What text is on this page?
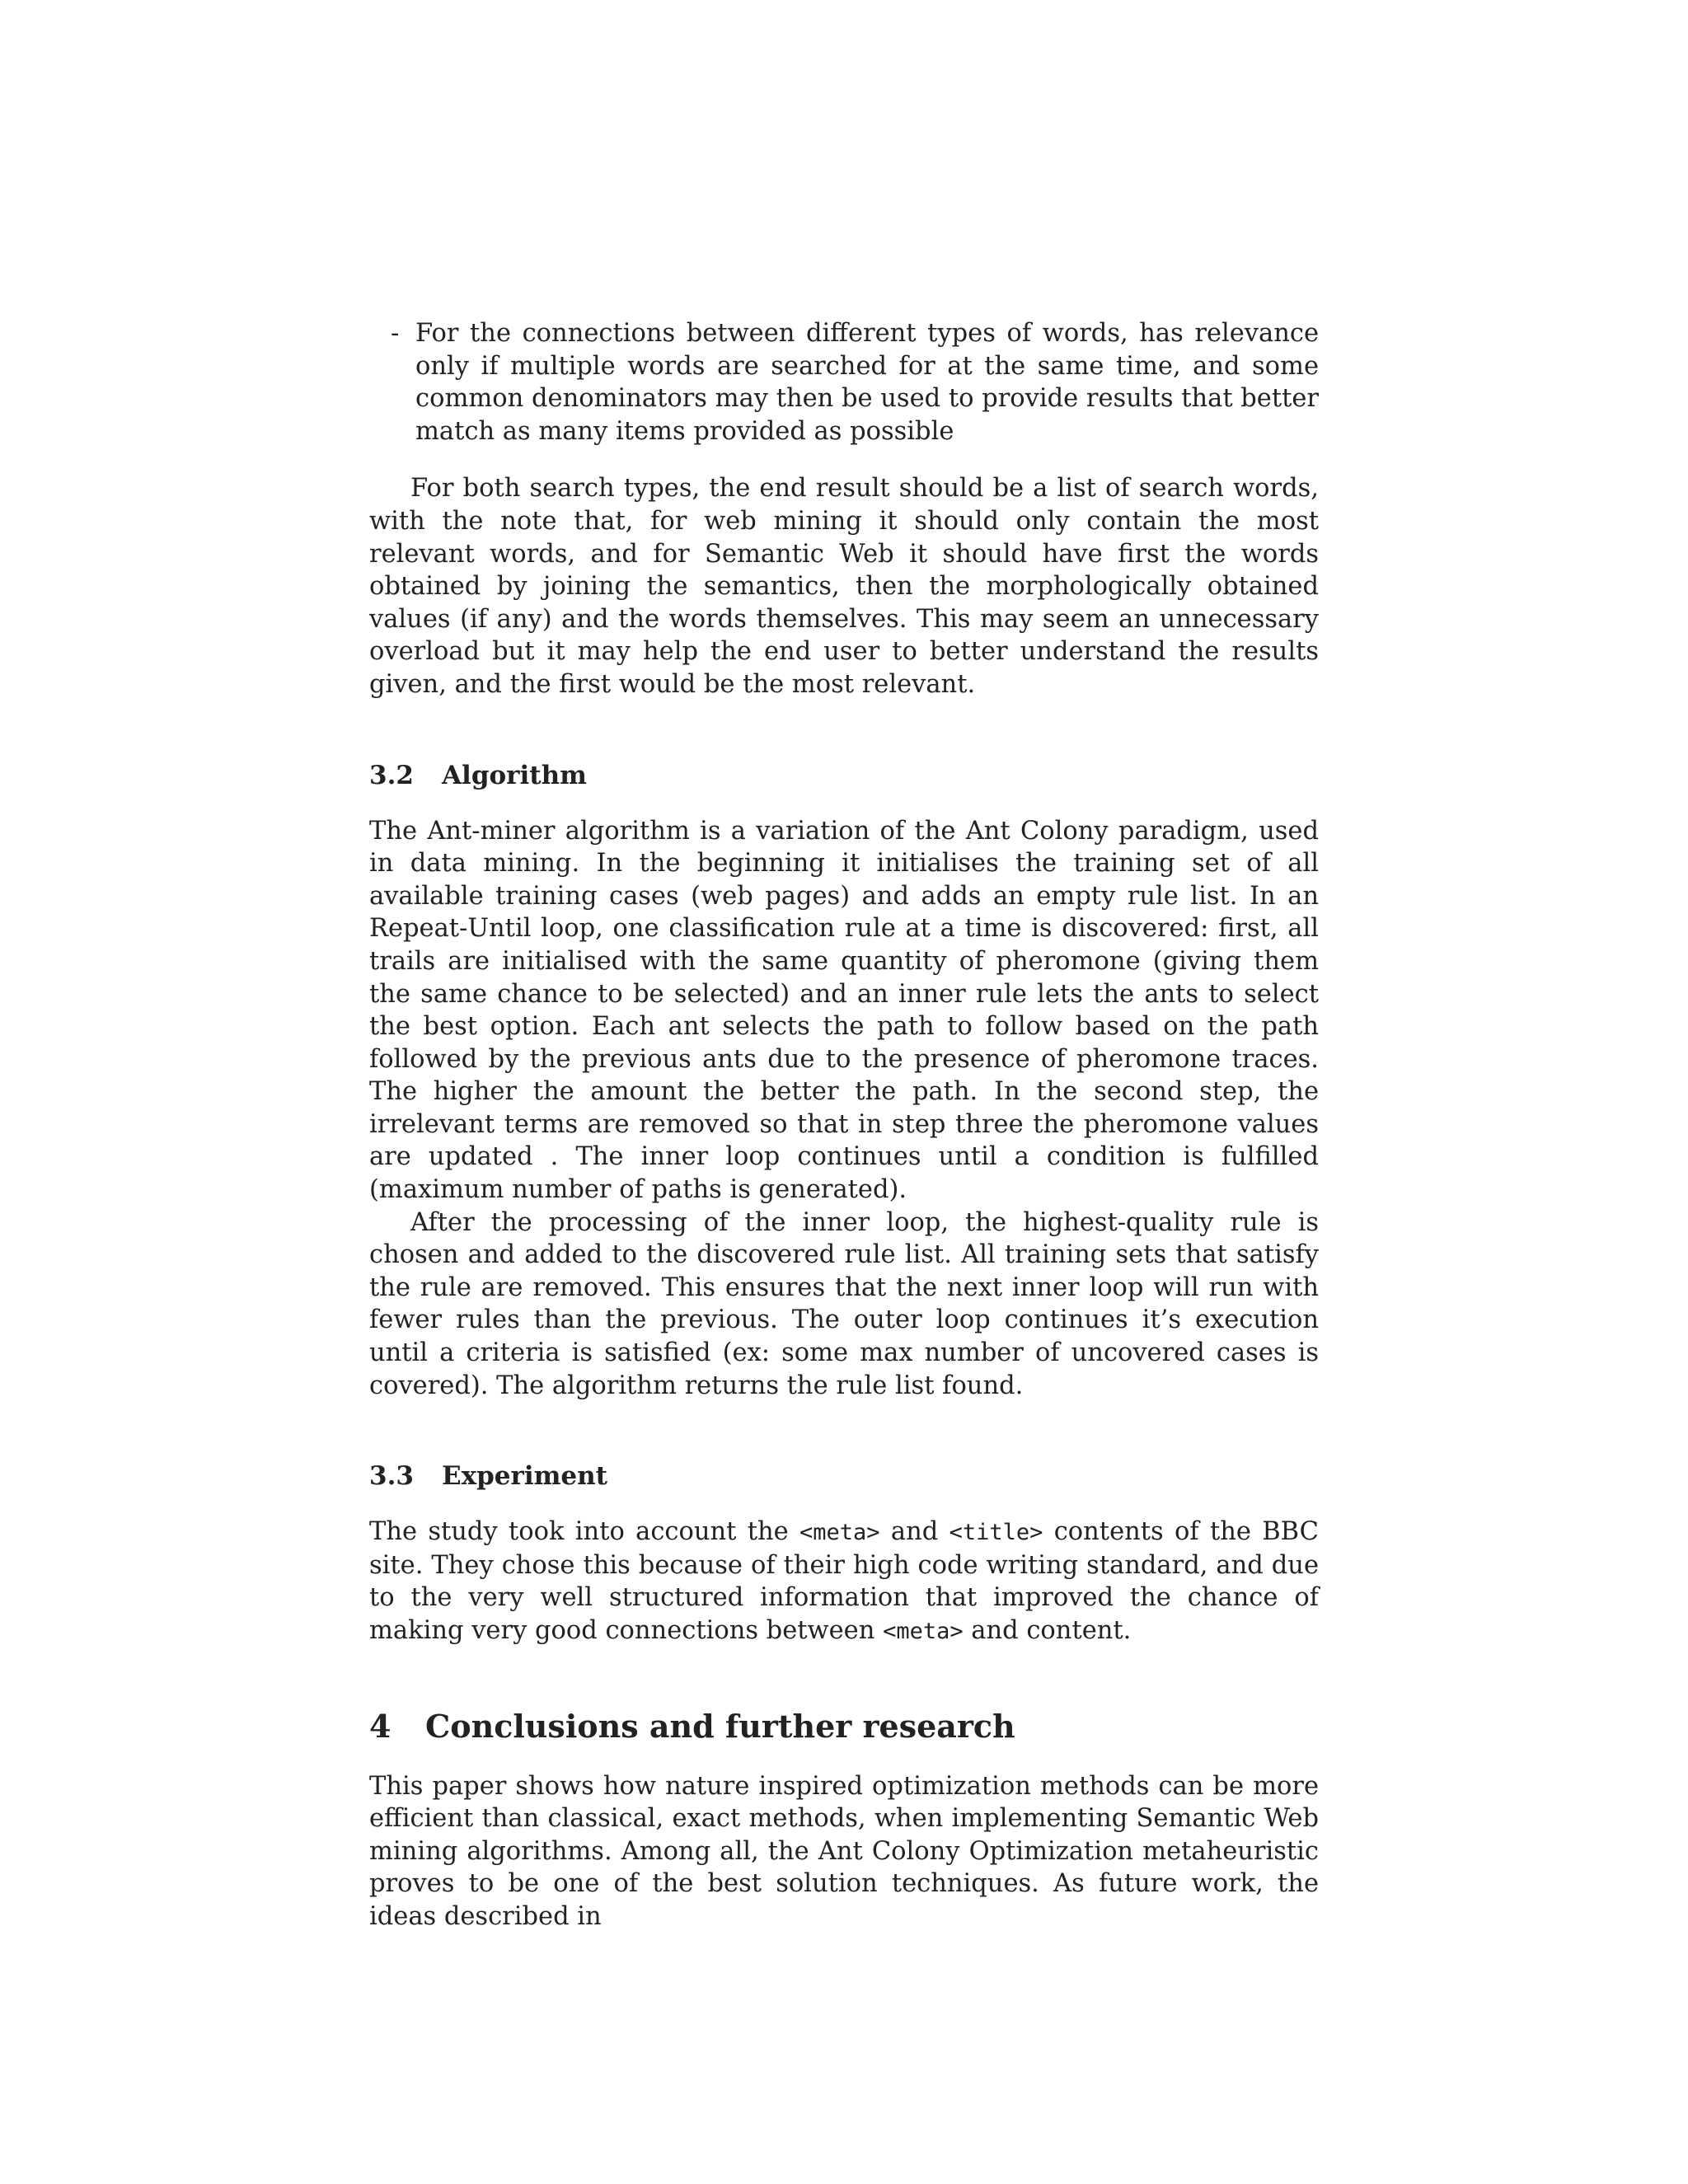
- For the connections between different types of words, has relevance only if multiple words are searched for at the same time, and some common denominators may then be used to provide results that better match as many items provided as possible

For both search types, the end result should be a list of search words, with the note that, for web mining it should only contain the most relevant words, and for Semantic Web it should have first the words obtained by joining the semantics, then the morphologically obtained values (if any) and the words themselves. This may seem an unnecessary overload but it may help the end user to better understand the results given, and the first would be the most relevant.

3.2 Algorithm

The Ant-miner algorithm is a variation of the Ant Colony paradigm, used in data mining. In the beginning it initialises the training set of all available training cases (web pages) and adds an empty rule list. In an Repeat-Until loop, one classification rule at a time is discovered: first, all trails are initialised with the same quantity of pheromone (giving them the same chance to be selected) and an inner rule lets the ants to select the best option. Each ant selects the path to follow based on the path followed by the previous ants due to the presence of pheromone traces. The higher the amount the better the path. In the second step, the irrelevant terms are removed so that in step three the pheromone values are updated . The inner loop continues until a condition is fulfilled (maximum number of paths is generated).

After the processing of the inner loop, the highest-quality rule is chosen and added to the discovered rule list. All training sets that satisfy the rule are removed. This ensures that the next inner loop will run with fewer rules than the previous. The outer loop continues it’s execution until a criteria is satisfied (ex: some max number of uncovered cases is covered). The algorithm returns the rule list found.

3.3 Experiment

The study took into account the <meta> and <title> contents of the BBC site. They chose this because of their high code writing standard, and due to the very well structured information that improved the chance of making very good connections between <meta> and content.

4 Conclusions and further research

This paper shows how nature inspired optimization methods can be more efficient than classical, exact methods, when implementing Semantic Web mining algorithms. Among all, the Ant Colony Optimization metaheuristic proves to be one of the best solution techniques. As future work, the ideas described in
